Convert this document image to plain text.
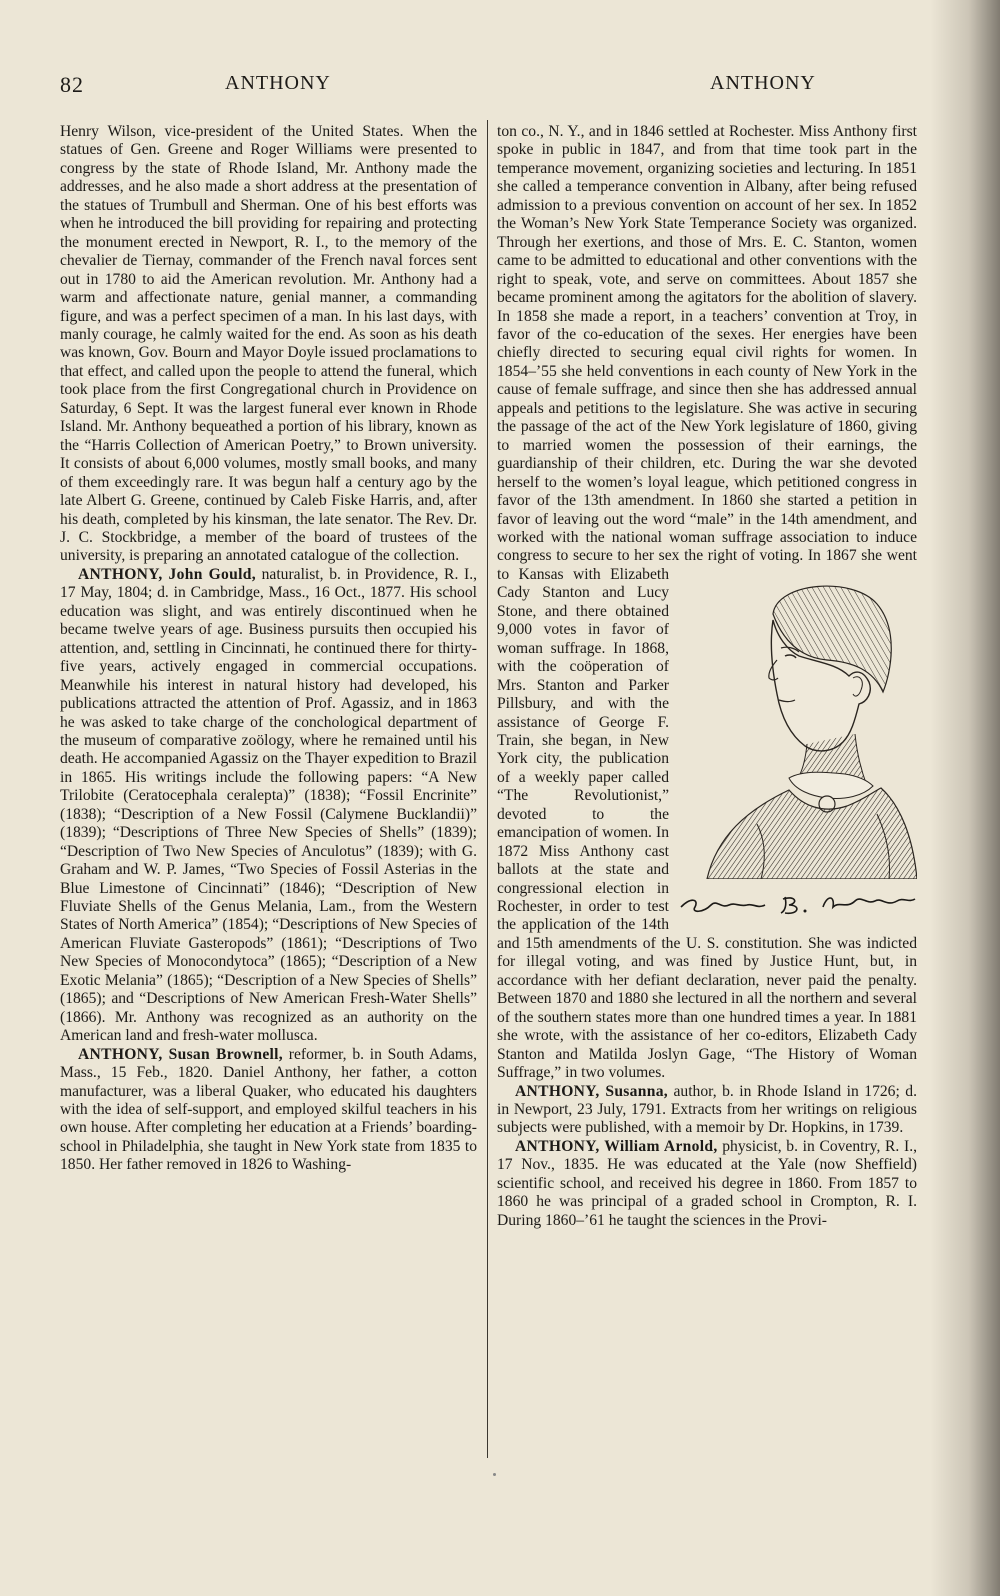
82	ANTHONY	ANTHONY

Henry Wilson, vice-president of the United States. When the statues of Gen. Greene and Roger Williams were presented to congress by the state of Rhode Island, Mr. Anthony made the addresses, and he also made a short address at the presentation of the statues of Trumbull and Sherman. One of his best efforts was when he introduced the bill providing for repairing and protecting the monument erected in Newport, R. I., to the memory of the chevalier de Tiernay, commander of the French naval forces sent out in 1780 to aid the American revolution. Mr. Anthony had a warm and affectionate nature, genial manner, a commanding figure, and was a perfect specimen of a man. In his last days, with manly courage, he calmly waited for the end. As soon as his death was known, Gov. Bourn and Mayor Doyle issued proclamations to that effect, and called upon the people to attend the funeral, which took place from the first Congregational church in Providence on Saturday, 6 Sept. It was the largest funeral ever known in Rhode Island. Mr. Anthony bequeathed a portion of his library, known as the “Harris Collection of American Poetry,” to Brown university. It consists of about 6,000 volumes, mostly small books, and many of them exceedingly rare. It was begun half a century ago by the late Albert G. Greene, continued by Caleb Fiske Harris, and, after his death, completed by his kinsman, the late senator. The Rev. Dr. J. C. Stockbridge, a member of the board of trustees of the university, is preparing an annotated catalogue of the collection.

ANTHONY, John Gould, naturalist, b. in Providence, R. I., 17 May, 1804; d. in Cambridge, Mass., 16 Oct., 1877. His school education was slight, and was entirely discontinued when he became twelve years of age. Business pursuits then occupied his attention, and, settling in Cincinnati, he continued there for thirty-five years, actively engaged in commercial occupations. Meanwhile his interest in natural history had developed, his publications attracted the attention of Prof. Agassiz, and in 1863 he was asked to take charge of the conchological department of the museum of comparative zoölogy, where he remained until his death. He accompanied Agassiz on the Thayer expedition to Brazil in 1865. His writings include the following papers: “A New Trilobite (Ceratocephala ceralepta)” (1838); “Fossil Encrinite” (1838); “Description of a New Fossil (Calymene Bucklandii)” (1839); “Descriptions of Three New Species of Shells” (1839); “Description of Two New Species of Anculotus” (1839); with G. Graham and W. P. James, “Two Species of Fossil Asterias in the Blue Limestone of Cincinnati” (1846); “Description of New Fluviate Shells of the Genus Melania, Lam., from the Western States of North America” (1854); “Descriptions of New Species of American Fluviate Gasteropods” (1861); “Descriptions of Two New Species of Monocondytoca” (1865); “Description of a New Exotic Melania” (1865); “Description of a New Species of Shells” (1865); and “Descriptions of New American Fresh-Water Shells” (1866). Mr. Anthony was recognized as an authority on the American land and fresh-water mollusca.

ANTHONY, Susan Brownell, reformer, b. in South Adams, Mass., 15 Feb., 1820. Daniel Anthony, her father, a cotton manufacturer, was a liberal Quaker, who educated his daughters with the idea of self-support, and employed skilful teachers in his own house. After completing her education at a Friends’ boarding-school in Philadelphia, she taught in New York state from 1835 to 1850. Her father removed in 1826 to Washing-

ton co., N. Y., and in 1846 settled at Rochester. Miss Anthony first spoke in public in 1847, and from that time took part in the temperance movement, organizing societies and lecturing. In 1851 she called a temperance convention in Albany, after being refused admission to a previous convention on account of her sex. In 1852 the Woman’s New York State Temperance Society was organized. Through her exertions, and those of Mrs. E. C. Stanton, women came to be admitted to educational and other conventions with the right to speak, vote, and serve on committees. About 1857 she became prominent among the agitators for the abolition of slavery. In 1858 she made a report, in a teachers’ convention at Troy, in favor of the co-education of the sexes. Her energies have been chiefly directed to securing equal civil rights for women. In 1854–’55 she held conventions in each county of New York in the cause of female suffrage, and since then she has addressed annual appeals and petitions to the legislature. She was active in securing the passage of the act of the New York legislature of 1860, giving to married women the possession of their earnings, the guardianship of their children, etc. During the war she devoted herself to the women’s loyal league, which petitioned congress in favor of the 13th amendment. In 1860 she started a petition in favor of leaving out the word “male” in the 14th amendment, and worked with the national woman suffrage association to induce congress to secure to her sex the right of voting. In 1867 she went to Kansas with Elizabeth Cady Stanton and Lucy Stone, and there obtained 9,000 votes in favor of woman suffrage. In 1868, with the coöperation of Mrs. Stanton and Parker Pillsbury, and with the assistance of George F. Train, she began, in New York city, the publication of a weekly paper called “The Revolutionist,” devoted to the emancipation of women. In 1872 Miss Anthony cast ballots at the state and congressional election in Rochester, in order to test the application of the 14th and 15th amendments of the U. S. constitution. She was indicted for illegal voting, and was fined by Justice Hunt, but, in accordance with her defiant declaration, never paid the penalty. Between 1870 and 1880 she lectured in all the northern and several of the southern states more than one hundred times a year. In 1881 she wrote, with the assistance of her co-editors, Elizabeth Cady Stanton and Matilda Joslyn Gage, “The History of Woman Suffrage,” in two volumes.

ANTHONY, Susanna, author, b. in Rhode Island in 1726; d. in Newport, 23 July, 1791. Extracts from her writings on religious subjects were published, with a memoir by Dr. Hopkins, in 1739.

ANTHONY, William Arnold, physicist, b. in Coventry, R. I., 17 Nov., 1835. He was educated at the Yale (now Sheffield) scientific school, and received his degree in 1860. From 1857 to 1860 he was principal of a graded school in Crompton, R. I. During 1860–’61 he taught the sciences in the Provi-
